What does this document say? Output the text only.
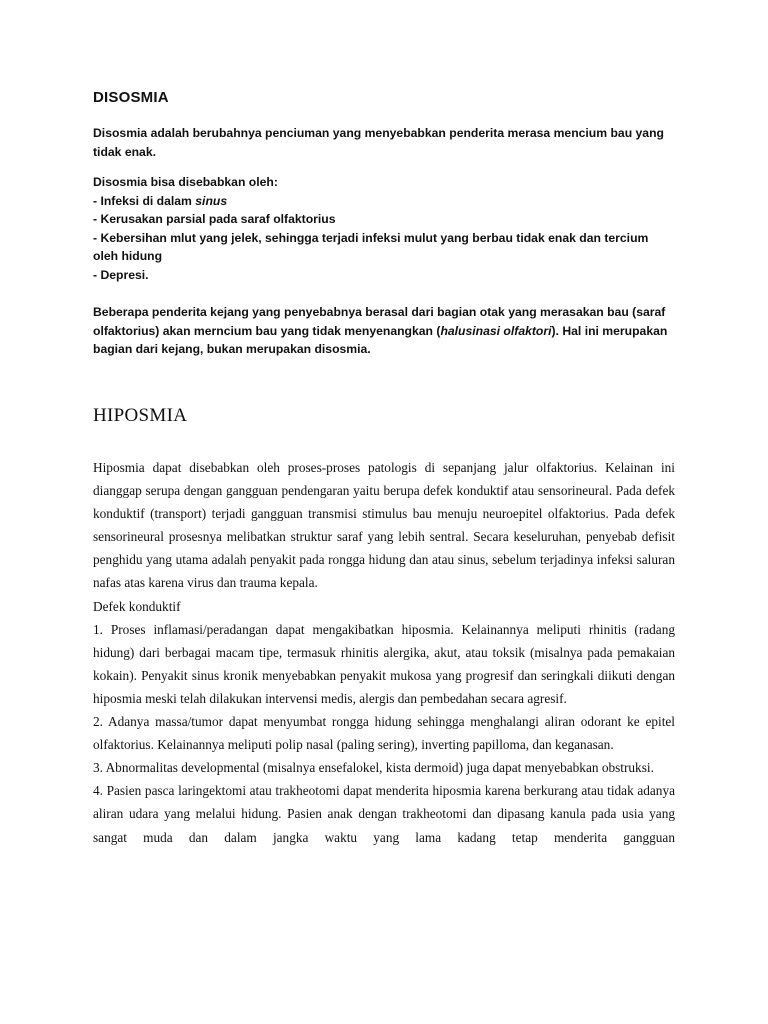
DISOSMIA

Disosmia adalah berubahnya penciuman yang menyebabkan penderita merasa mencium bau yang tidak enak.

Disosmia bisa disebabkan oleh:
- Infeksi di dalam sinus
- Kerusakan parsial pada saraf olfaktorius
- Kebersihan mlut yang jelek, sehingga terjadi infeksi mulut yang berbau tidak enak dan tercium oleh hidung
- Depresi.

Beberapa penderita kejang yang penyebabnya berasal dari bagian otak yang merasakan bau (saraf olfaktorius) akan merncium bau yang tidak menyenangkan (halusinasi olfaktori). Hal ini merupakan bagian dari kejang, bukan merupakan disosmia.

HIPOSMIA

Hiposmia dapat disebabkan oleh proses-proses patologis di sepanjang jalur olfaktorius. Kelainan ini dianggap serupa dengan gangguan pendengaran yaitu berupa defek konduktif atau sensorineural. Pada defek konduktif (transport) terjadi gangguan transmisi stimulus bau menuju neuroepitel olfaktorius. Pada defek sensorineural prosesnya melibatkan struktur saraf yang lebih sentral. Secara keseluruhan, penyebab defisit penghidu yang utama adalah penyakit pada rongga hidung dan atau sinus, sebelum terjadinya infeksi saluran nafas atas karena virus dan trauma kepala.

Defek konduktif

1. Proses inflamasi/peradangan dapat mengakibatkan hiposmia. Kelainannya meliputi rhinitis (radang hidung) dari berbagai macam tipe, termasuk rhinitis alergika, akut, atau toksik (misalnya pada pemakaian kokain). Penyakit sinus kronik menyebabkan penyakit mukosa yang progresif dan seringkali diikuti dengan hiposmia meski telah dilakukan intervensi medis, alergis dan pembedahan secara agresif.

2. Adanya massa/tumor dapat menyumbat rongga hidung sehingga menghalangi aliran odorant ke epitel olfaktorius. Kelainannya meliputi polip nasal (paling sering), inverting papilloma, dan keganasan.

3. Abnormalitas developmental (misalnya ensefalokel, kista dermoid) juga dapat menyebabkan obstruksi.

4. Pasien pasca laringektomi atau trakheotomi dapat menderita hiposmia karena berkurang atau tidak adanya aliran udara yang melalui hidung. Pasien anak dengan trakheotomi dan dipasang kanula pada usia yang sangat muda dan dalam jangka waktu yang lama kadang tetap menderita gangguan
